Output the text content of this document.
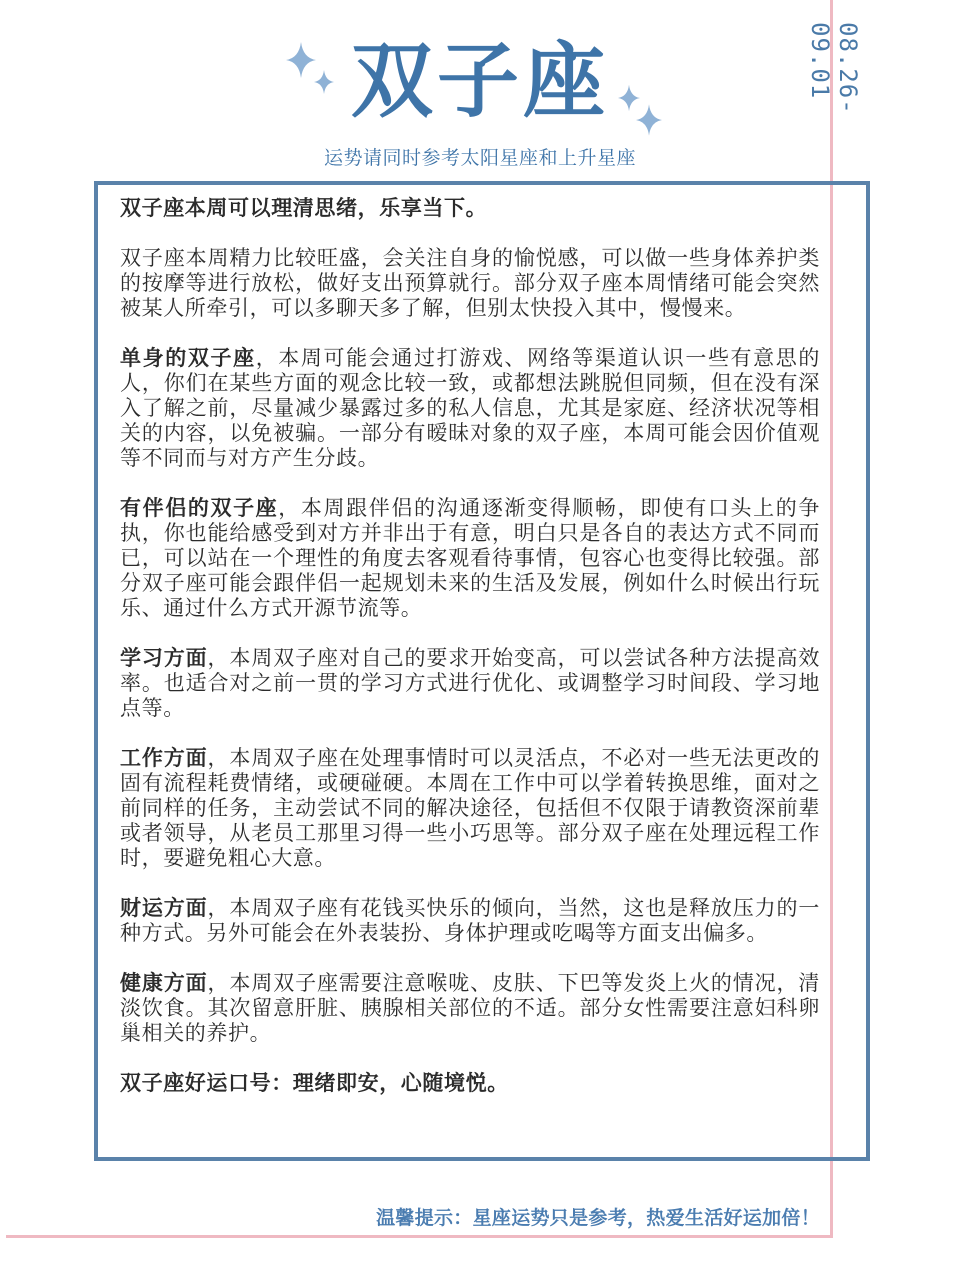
08.26-09.01
双子座
运势请同时参考太阳星座和上升星座

双子座本周可以理清思绪，乐享当下。

双子座本周精力比较旺盛，会关注自身的愉悦感，可以做一些身体养护类的按摩等进行放松，做好支出预算就行。部分双子座本周情绪可能会突然被某人所牵引，可以多聊天多了解，但别太快投入其中，慢慢来。

单身的双子座，本周可能会通过打游戏、网络等渠道认识一些有意思的人，你们在某些方面的观念比较一致，或都想法跳脱但同频，但在没有深入了解之前，尽量减少暴露过多的私人信息，尤其是家庭、经济状况等相关的内容，以免被骗。一部分有暧昧对象的双子座，本周可能会因价值观等不同而与对方产生分歧。

有伴侣的双子座，本周跟伴侣的沟通逐渐变得顺畅，即使有口头上的争执，你也能给感受到对方并非出于有意，明白只是各自的表达方式不同而已，可以站在一个理性的角度去客观看待事情，包容心也变得比较强。部分双子座可能会跟伴侣一起规划未来的生活及发展，例如什么时候出行玩乐、通过什么方式开源节流等。

学习方面，本周双子座对自己的要求开始变高，可以尝试各种方法提高效率。也适合对之前一贯的学习方式进行优化、或调整学习时间段、学习地点等。

工作方面，本周双子座在处理事情时可以灵活点，不必对一些无法更改的固有流程耗费情绪，或硬碰硬。本周在工作中可以学着转换思维，面对之前同样的任务，主动尝试不同的解决途径，包括但不仅限于请教资深前辈或者领导，从老员工那里习得一些小巧思等。部分双子座在处理远程工作时，要避免粗心大意。

财运方面，本周双子座有花钱买快乐的倾向，当然，这也是释放压力的一种方式。另外可能会在外表装扮、身体护理或吃喝等方面支出偏多。

健康方面，本周双子座需要注意喉咙、皮肤、下巴等发炎上火的情况，清淡饮食。其次留意肝脏、胰腺相关部位的不适。部分女性需要注意妇科卵巢相关的养护。

双子座好运口号：理绪即安，心随境悦。

温馨提示：星座运势只是参考，热爱生活好运加倍！
